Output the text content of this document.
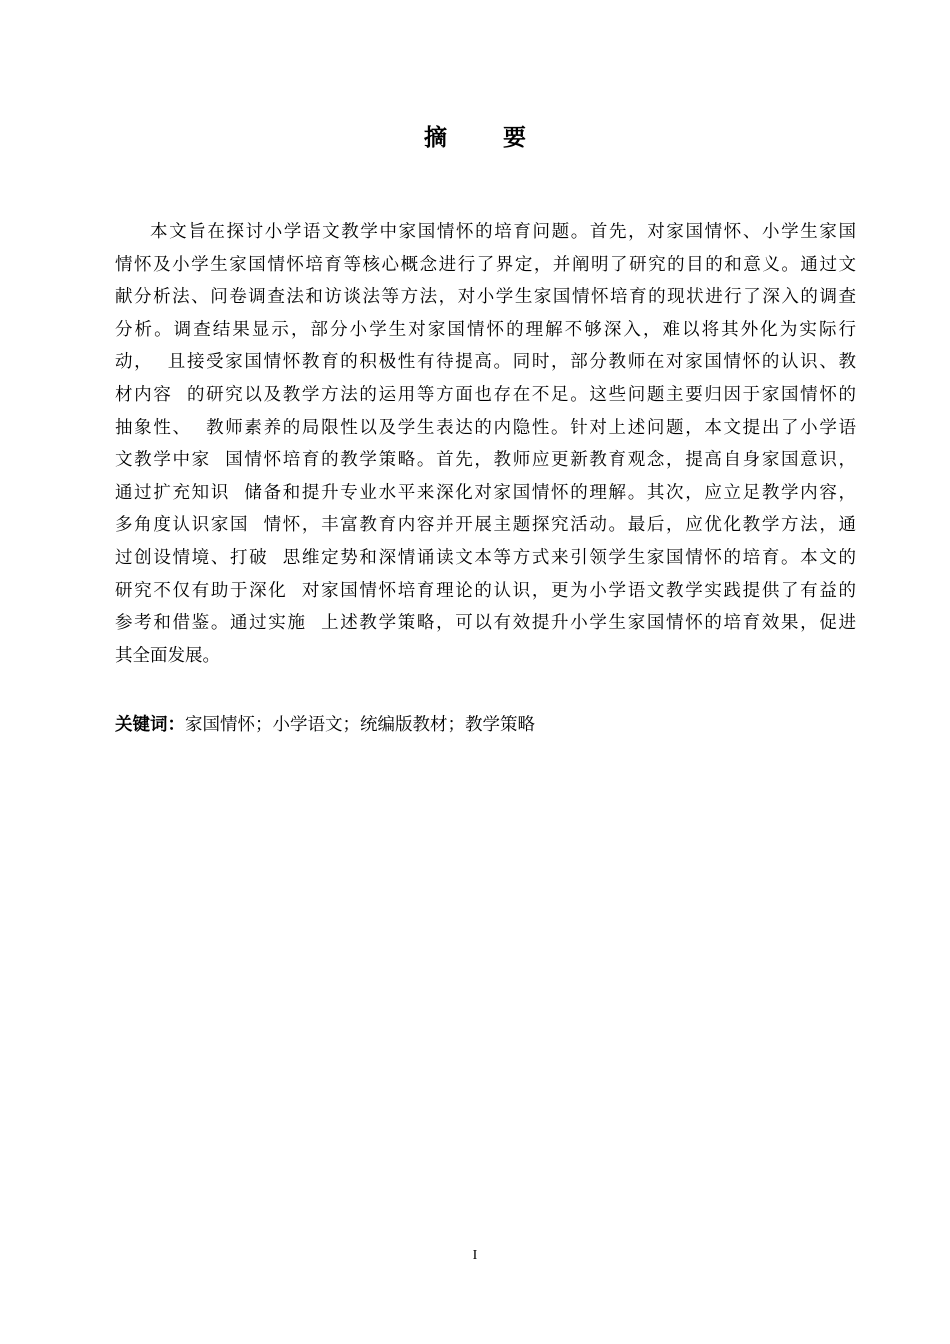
摘 要
本文旨在探讨小学语文教学中家国情怀的培育问题。首先，对家国情怀、小学生家国
情怀及小学生家国情怀培育等核心概念进行了界定，并阐明了研究的目的和意义。通过文
献分析法、问卷调查法和访谈法等方法，对小学生家国情怀培育的现状进行了深入的调查
分析。调查结果显示，部分小学生对家国情怀的理解不够深入，难以将其外化为实际行
动，  且接受家国情怀教育的积极性有待提高。同时，部分教师在对家国情怀的认识、教
材内容  的研究以及教学方法的运用等方面也存在不足。这些问题主要归因于家国情怀的
抽象性、  教师素养的局限性以及学生表达的内隐性。针对上述问题，本文提出了小学语
文教学中家  国情怀培育的教学策略。首先，教师应更新教育观念，提高自身家国意识，
通过扩充知识  储备和提升专业水平来深化对家国情怀的理解。其次，应立足教学内容，
多角度认识家国  情怀，丰富教育内容并开展主题探究活动。最后，应优化教学方法，通
过创设情境、打破  思维定势和深情诵读文本等方式来引领学生家国情怀的培育。本文的
研究不仅有助于深化  对家国情怀培育理论的认识，更为小学语文教学实践提供了有益的
参考和借鉴。通过实施  上述教学策略，可以有效提升小学生家国情怀的培育效果，促进
其全面发展。
关键词：家国情怀；小学语文；统编版教材；教学策略
I
